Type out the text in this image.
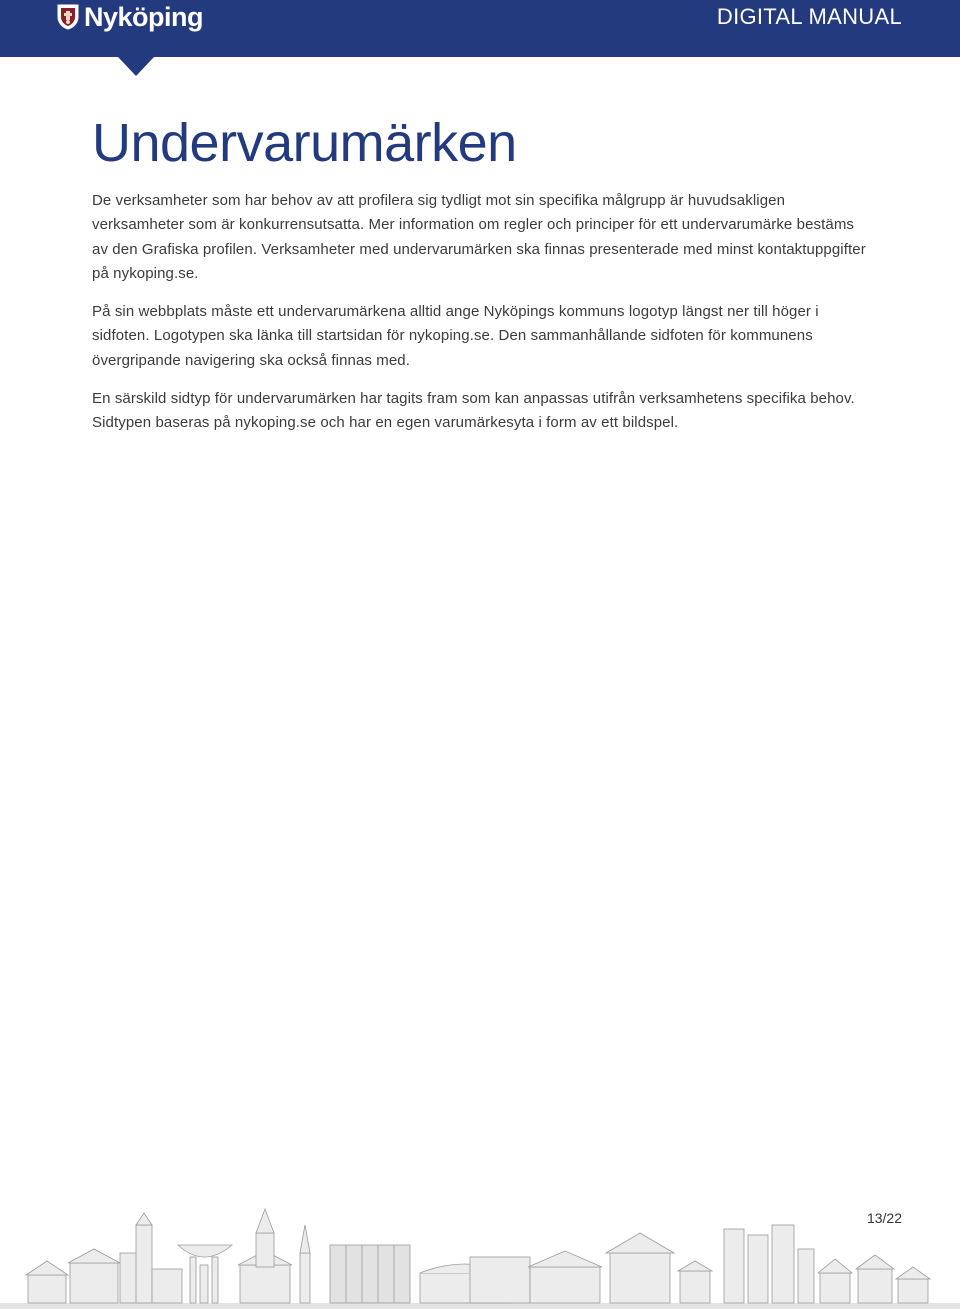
Nyköping	DIGITAL MANUAL
Undervarumärken

De verksamheter som har behov av att profilera sig tydligt mot sin specifika målgrupp är huvudsakligen verksamheter som är konkurrensutsatta. Mer information om regler och principer för ett undervarumärke bestäms av den Grafiska profilen. Verksamheter med undervarumärken ska finnas presenterade med minst kontaktuppgifter på nykoping.se.

På sin webbplats måste ett undervarumärkena alltid ange Nyköpings kommuns logotyp längst ner till höger i sidfoten. Logotypen ska länka till startsidan för nykoping.se. Den sammanhållande sidfoten för kommunens övergripande navigering ska också finnas med.

En särskild sidtyp för undervarumärken har tagits fram som kan anpassas utifrån verksamhetens specifika behov. Sidtypen baseras på nykoping.se och har en egen varumärkesyta i form av ett bildspel.

13/22
